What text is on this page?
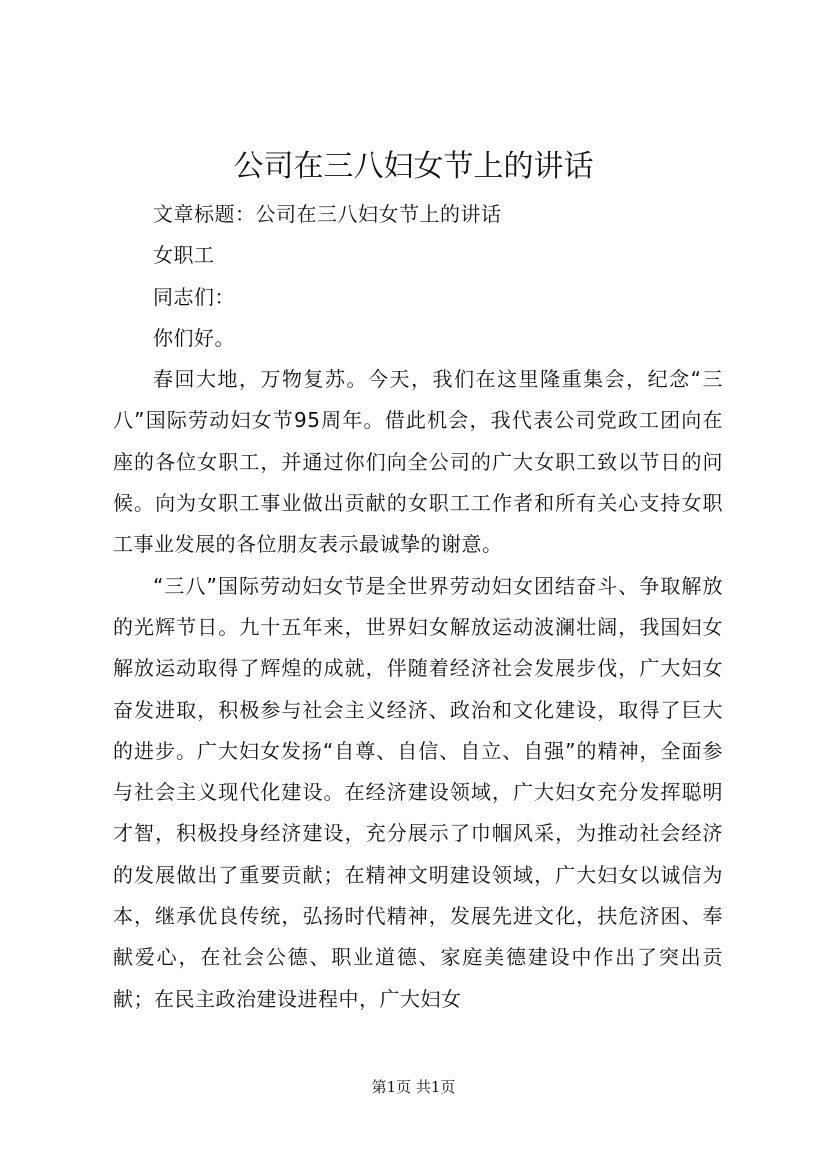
公司在三八妇女节上的讲话

文章标题：公司在三八妇女节上的讲话

女职工

同志们：

你们好。

春回大地，万物复苏。今天，我们在这里隆重集会，纪念“三八”国际劳动妇女节95周年。借此机会，我代表公司党政工团向在座的各位女职工，并通过你们向全公司的广大女职工致以节日的问候。向为女职工事业做出贡献的女职工工作者和所有关心支持女职工事业发展的各位朋友表示最诚挚的谢意。

“三八”国际劳动妇女节是全世界劳动妇女团结奋斗、争取解放的光辉节日。九十五年来，世界妇女解放运动波澜壮阔，我国妇女解放运动取得了辉煌的成就，伴随着经济社会发展步伐，广大妇女奋发进取，积极参与社会主义经济、政治和文化建设，取得了巨大的进步。广大妇女发扬“自尊、自信、自立、自强”的精神，全面参与社会主义现代化建设。在经济建设领域，广大妇女充分发挥聪明才智，积极投身经济建设，充分展示了巾帼风采，为推动社会经济的发展做出了重要贡献；在精神文明建设领域，广大妇女以诚信为本，继承优良传统，弘扬时代精神，发展先进文化，扶危济困、奉献爱心，在社会公德、职业道德、家庭美德建设中作出了突出贡献；在民主政治建设进程中，广大妇女

第1页 共1页
